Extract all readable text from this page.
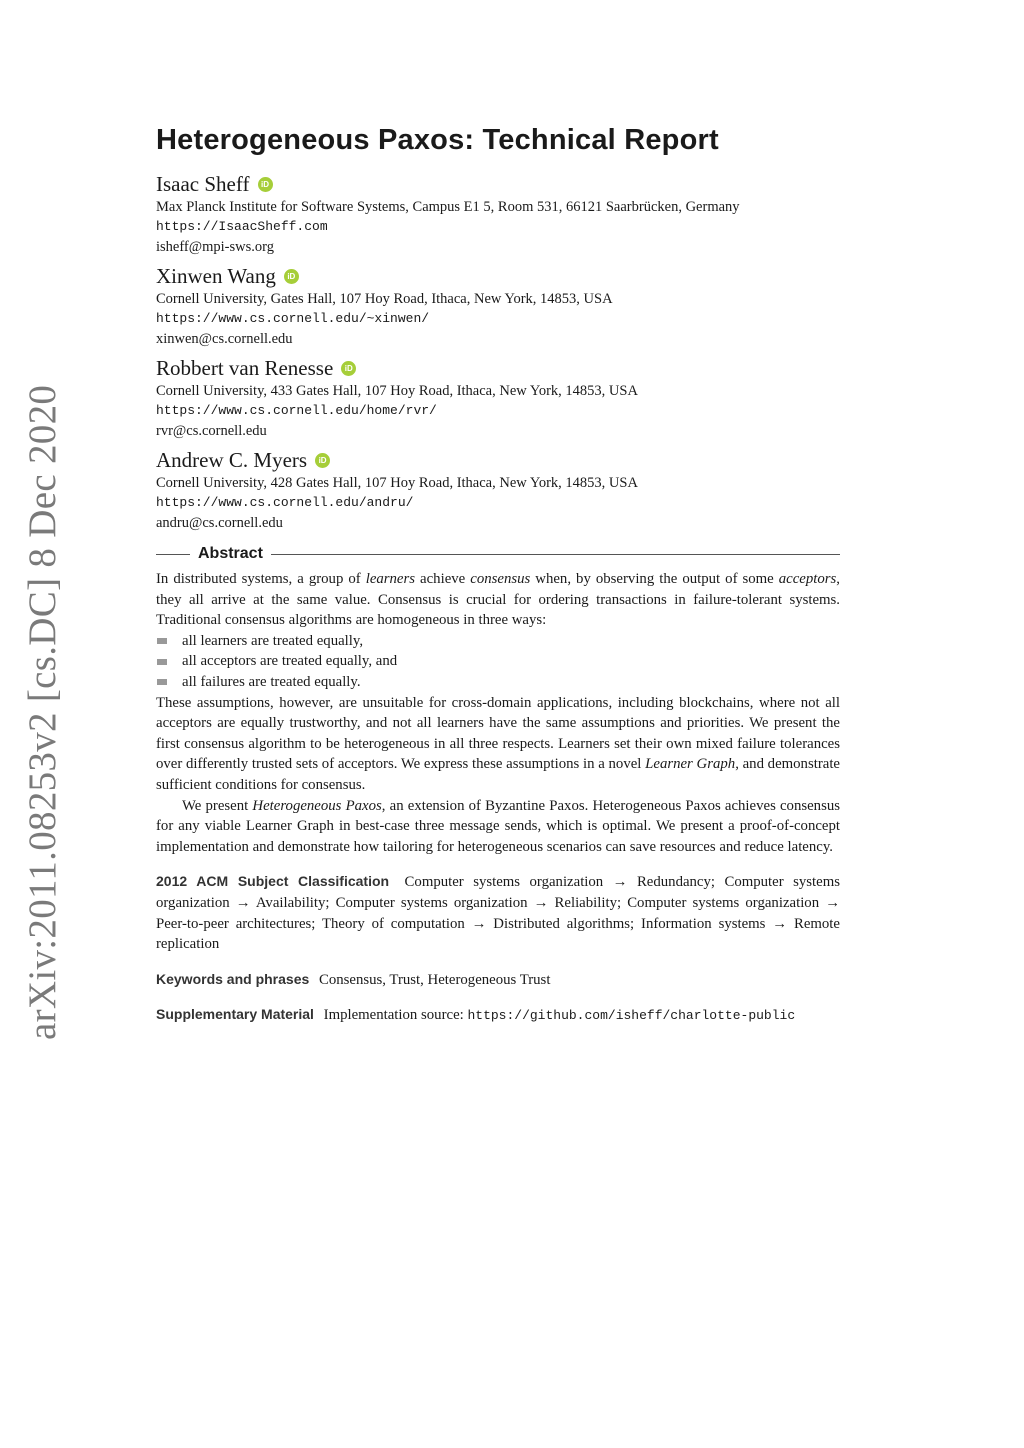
arXiv:2011.08253v2 [cs.DC] 8 Dec 2020
Heterogeneous Paxos: Technical Report
Isaac Sheff	iD
Max Planck Institute for Software Systems, Campus E1 5, Room 531, 66121 Saarbrücken, Germany
https://IsaacSheff.com
isheff@mpi-sws.org
Xinwen Wang	iD
Cornell University, Gates Hall, 107 Hoy Road, Ithaca, New York, 14853, USA
https://www.cs.cornell.edu/~xinwen/
xinwen@cs.cornell.edu
Robbert van Renesse	iD
Cornell University, 433 Gates Hall, 107 Hoy Road, Ithaca, New York, 14853, USA
https://www.cs.cornell.edu/home/rvr/
rvr@cs.cornell.edu
Andrew C. Myers	iD
Cornell University, 428 Gates Hall, 107 Hoy Road, Ithaca, New York, 14853, USA
https://www.cs.cornell.edu/andru/
andru@cs.cornell.edu
Abstract

In distributed systems, a group of learners achieve consensus when, by observing the output of some acceptors, they all arrive at the same value. Consensus is crucial for ordering transactions in failure-tolerant systems. Traditional consensus algorithms are homogeneous in three ways:

all learners are treated equally,
all acceptors are treated equally, and
all failures are treated equally.

These assumptions, however, are unsuitable for cross-domain applications, including blockchains, where not all acceptors are equally trustworthy, and not all learners have the same assumptions and priorities. We present the first consensus algorithm to be heterogeneous in all three respects. Learners set their own mixed failure tolerances over differently trusted sets of acceptors. We express these assumptions in a novel Learner Graph, and demonstrate sufficient conditions for consensus.

We present Heterogeneous Paxos, an extension of Byzantine Paxos. Heterogeneous Paxos achieves consensus for any viable Learner Graph in best-case three message sends, which is optimal. We present a proof-of-concept implementation and demonstrate how tailoring for heterogeneous scenarios can save resources and reduce latency.

2012 ACM Subject Classification Computer systems organization → Redundancy; Computer systems organization → Availability; Computer systems organization → Reliability; Computer systems organization → Peer-to-peer architectures; Theory of computation → Distributed algorithms; Information systems → Remote replication
Keywords and phrases Consensus, Trust, Heterogeneous Trust
Supplementary Material Implementation source: https://github.com/isheff/charlotte-public
